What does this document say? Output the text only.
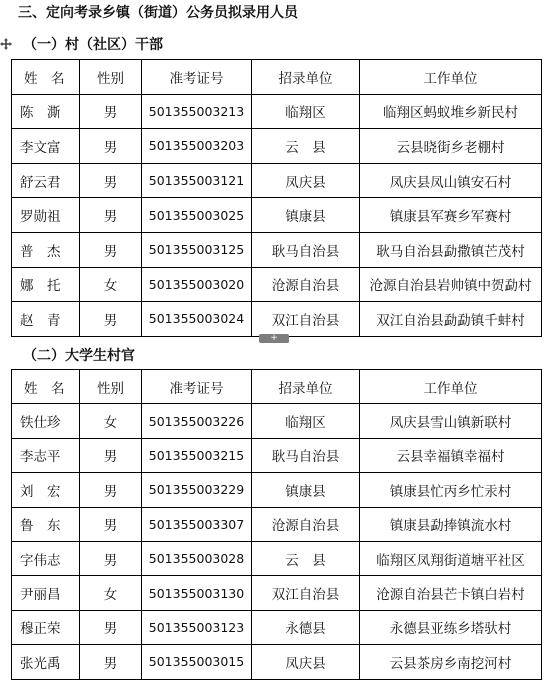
三、定向考录乡镇（街道）公务员拟录用人员
（一）村（社区）干部
姓　名	性别	准考证号	招录单位	工作单位
陈　澌	男	501355003213	临翔区	临翔区蚂蚁堆乡新民村
李文富	男	501355003203	云　县	云县晓街乡老棚村
舒云君	男	501355003121	凤庆县	凤庆县凤山镇安石村
罗勋祖	男	501355003025	镇康县	镇康县军赛乡军赛村
普　杰	男	501355003125	耿马自治县	耿马自治县勐撒镇芒茂村
娜　托	女	501355003020	沧源自治县	沧源自治县岩帅镇中贺勐村
赵　青	男	501355003024	双江自治县	双江自治县勐勐镇千蚌村
+
（二）大学生村官
姓　名	性别	准考证号	招录单位	工作单位
铁仕珍	女	501355003226	临翔区	凤庆县雪山镇新联村
李志平	男	501355003215	耿马自治县	云县幸福镇幸福村
刘　宏	男	501355003229	镇康县	镇康县忙丙乡忙汞村
鲁　东	男	501355003307	沧源自治县	镇康县勐捧镇流水村
字伟志	男	501355003028	云　县	临翔区凤翔街道塘平社区
尹丽昌	女	501355003130	双江自治县	沧源自治县芒卡镇白岩村
穆正荣	男	501355003123	永德县	永德县亚练乡塔驮村
张光禹	男	501355003015	凤庆县	云县茶房乡南挖河村
